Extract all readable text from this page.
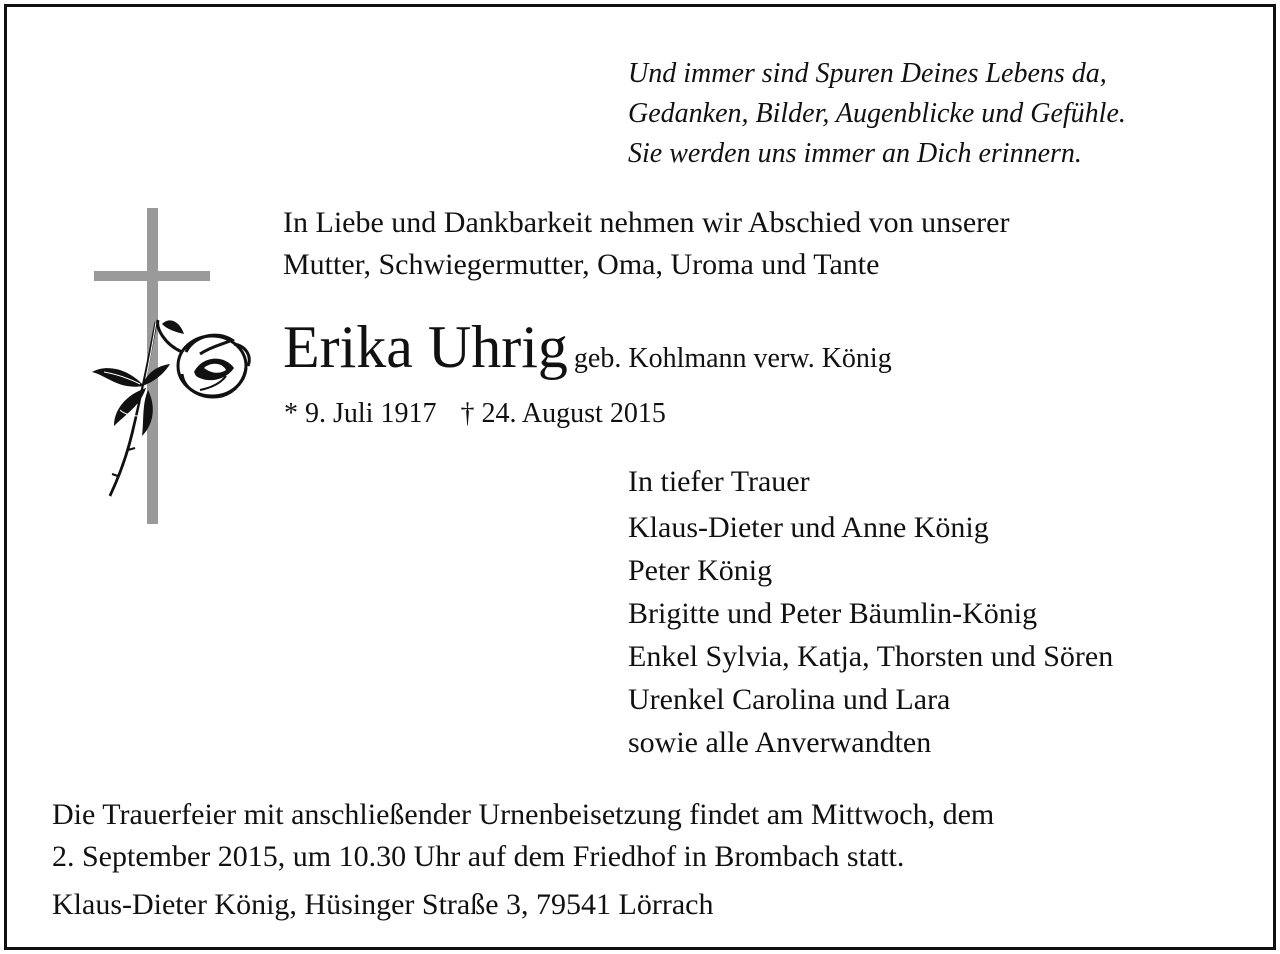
Und immer sind Spuren Deines Lebens da,
Gedanken, Bilder, Augenblicke und Gefühle.
Sie werden uns immer an Dich erinnern.
In Liebe und Dankbarkeit nehmen wir Abschied von unserer
Mutter, Schwiegermutter, Oma, Uroma und Tante
Erika Uhrig geb. Kohlmann verw. König
* 9. Juli 1917 † 24. August 2015
In tiefer Trauer
Klaus-Dieter und Anne König
Peter König
Brigitte und Peter Bäumlin-König
Enkel Sylvia, Katja, Thorsten und Sören
Urenkel Carolina und Lara
sowie alle Anverwandten
Die Trauerfeier mit anschließender Urnenbeisetzung findet am Mittwoch, dem
2. September 2015, um 10.30 Uhr auf dem Friedhof in Brombach statt.
Klaus-Dieter König, Hüsinger Straße 3, 79541 Lörrach
